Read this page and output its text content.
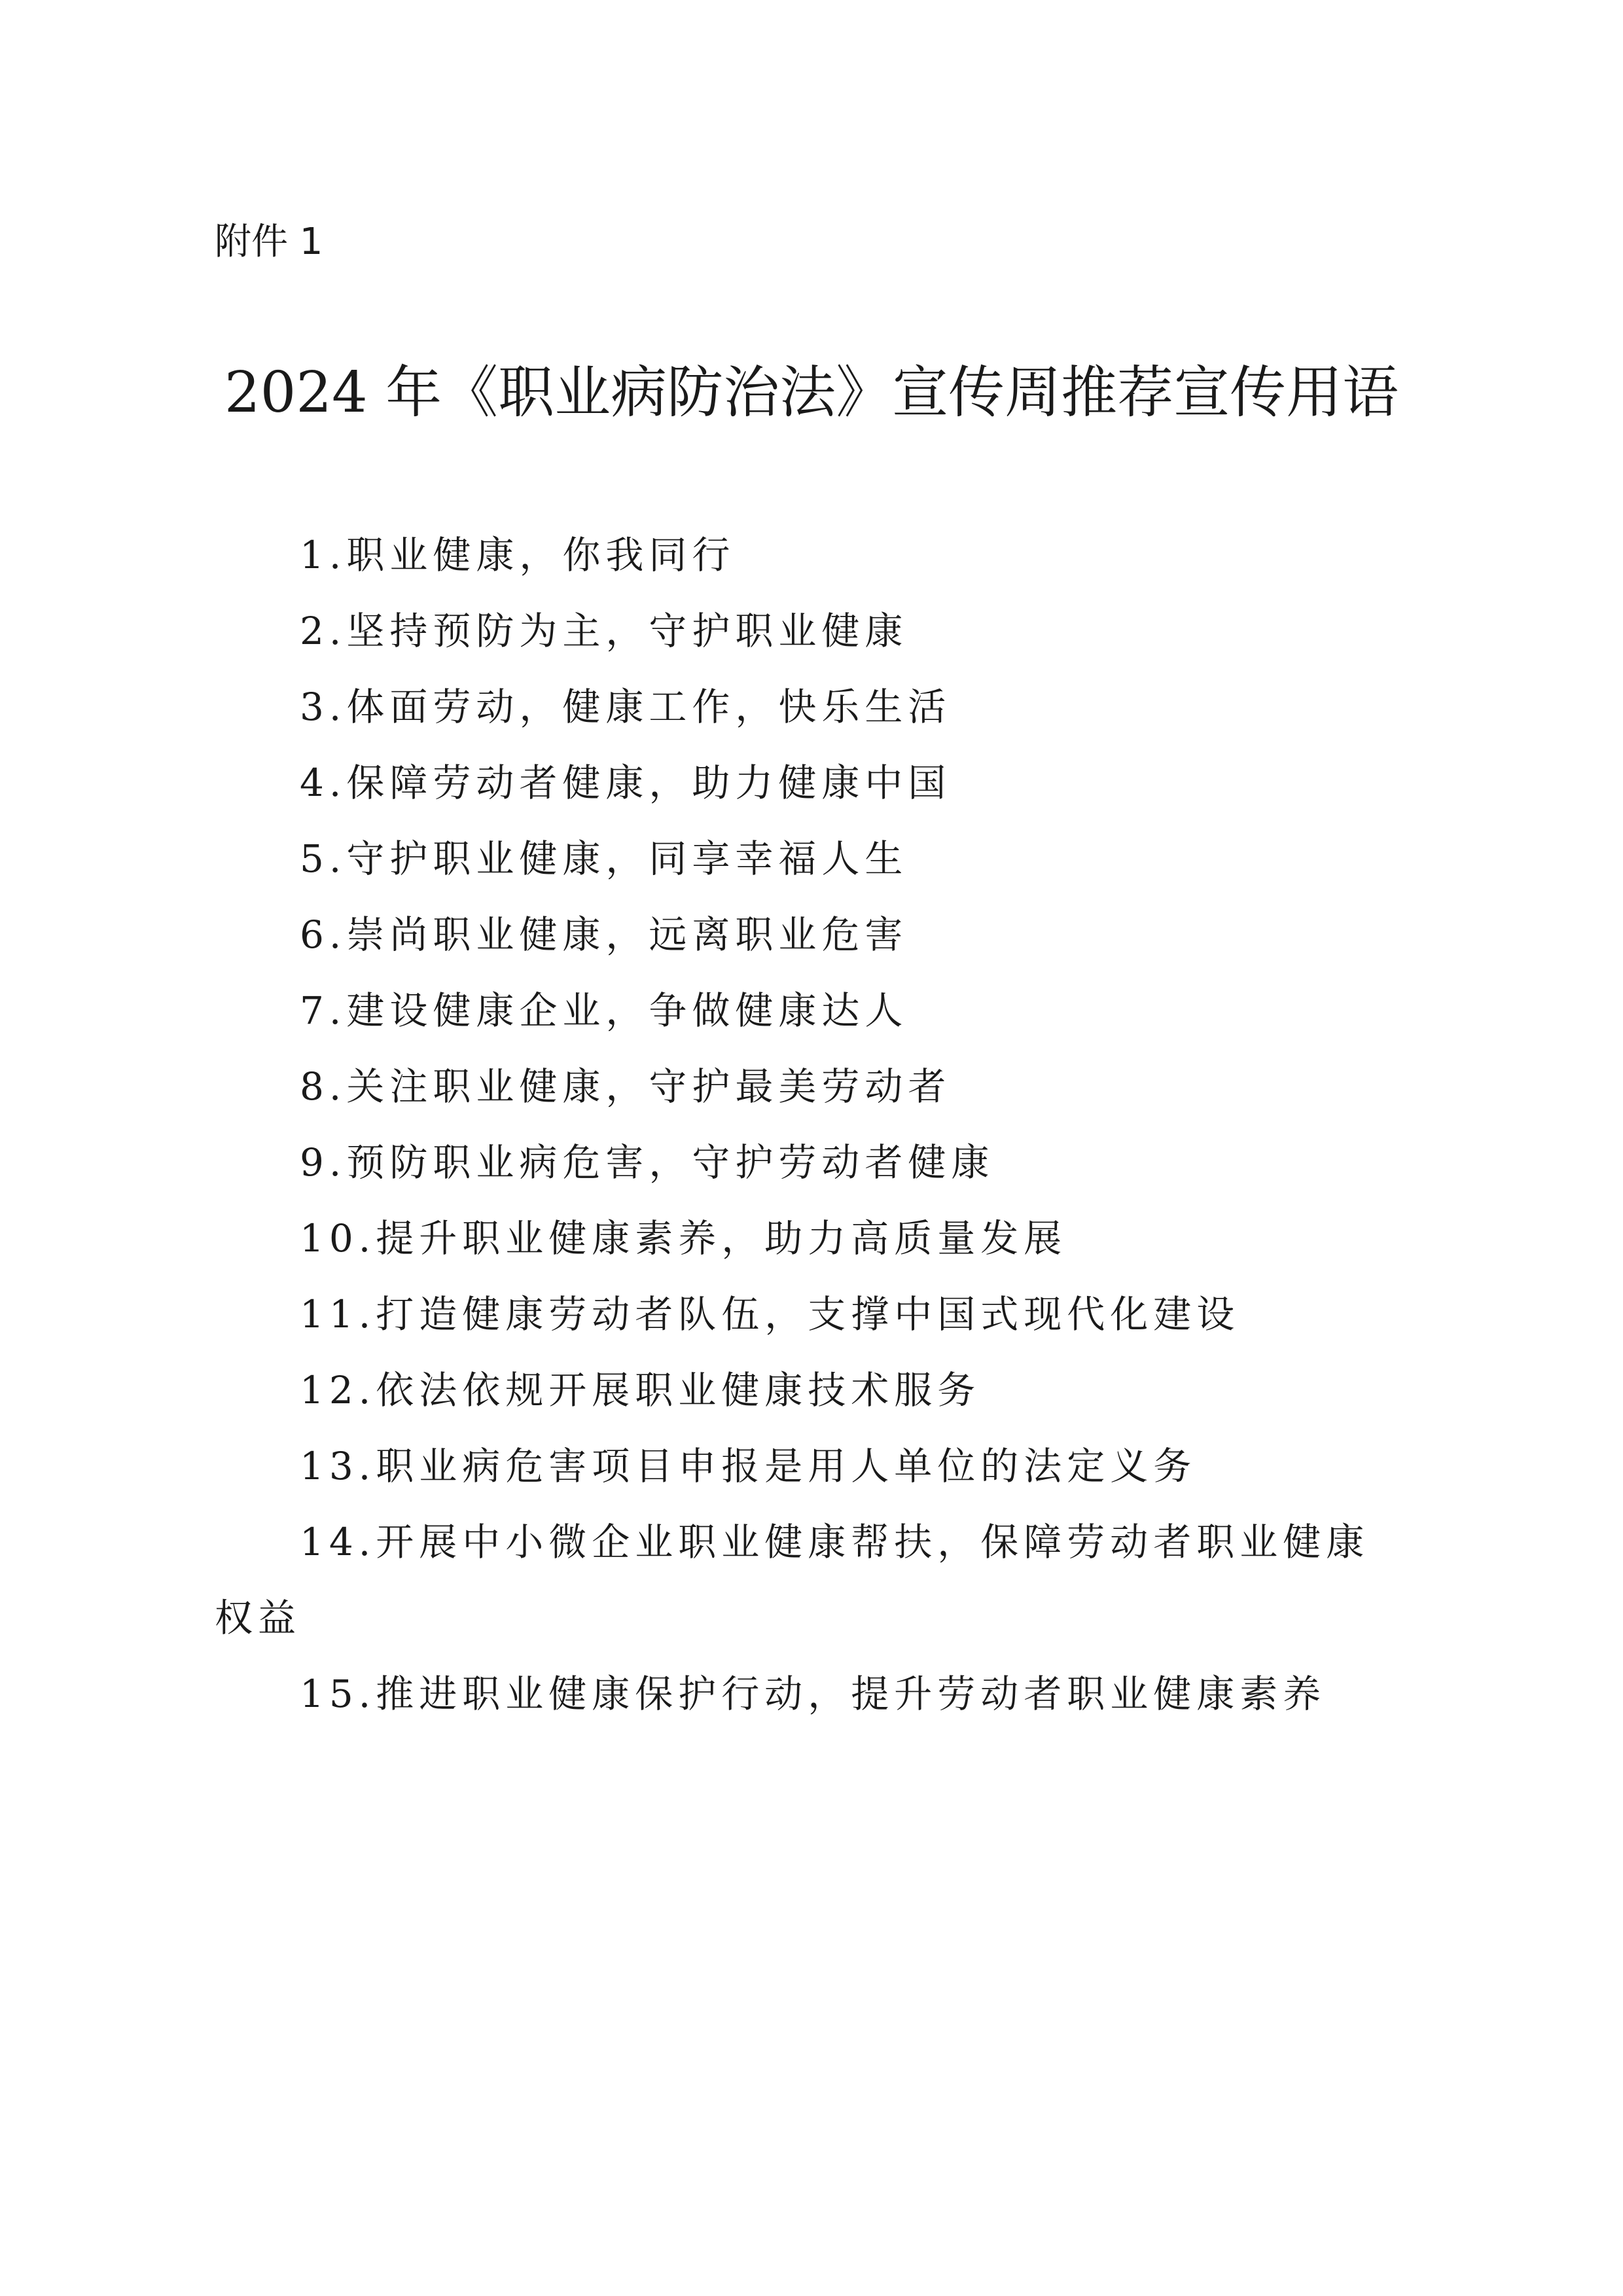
附件 1
2024 年《职业病防治法》宣传周推荐宣传用语
1.职业健康，你我同行
2.坚持预防为主，守护职业健康
3.体面劳动，健康工作，快乐生活
4.保障劳动者健康，助力健康中国
5.守护职业健康，同享幸福人生
6.崇尚职业健康，远离职业危害
7.建设健康企业，争做健康达人
8.关注职业健康，守护最美劳动者
9.预防职业病危害，守护劳动者健康
10.提升职业健康素养，助力高质量发展
11.打造健康劳动者队伍，支撑中国式现代化建设
12.依法依规开展职业健康技术服务
13.职业病危害项目申报是用人单位的法定义务
14.开展中小微企业职业健康帮扶，保障劳动者职业健康权益
15.推进职业健康保护行动，提升劳动者职业健康素养
